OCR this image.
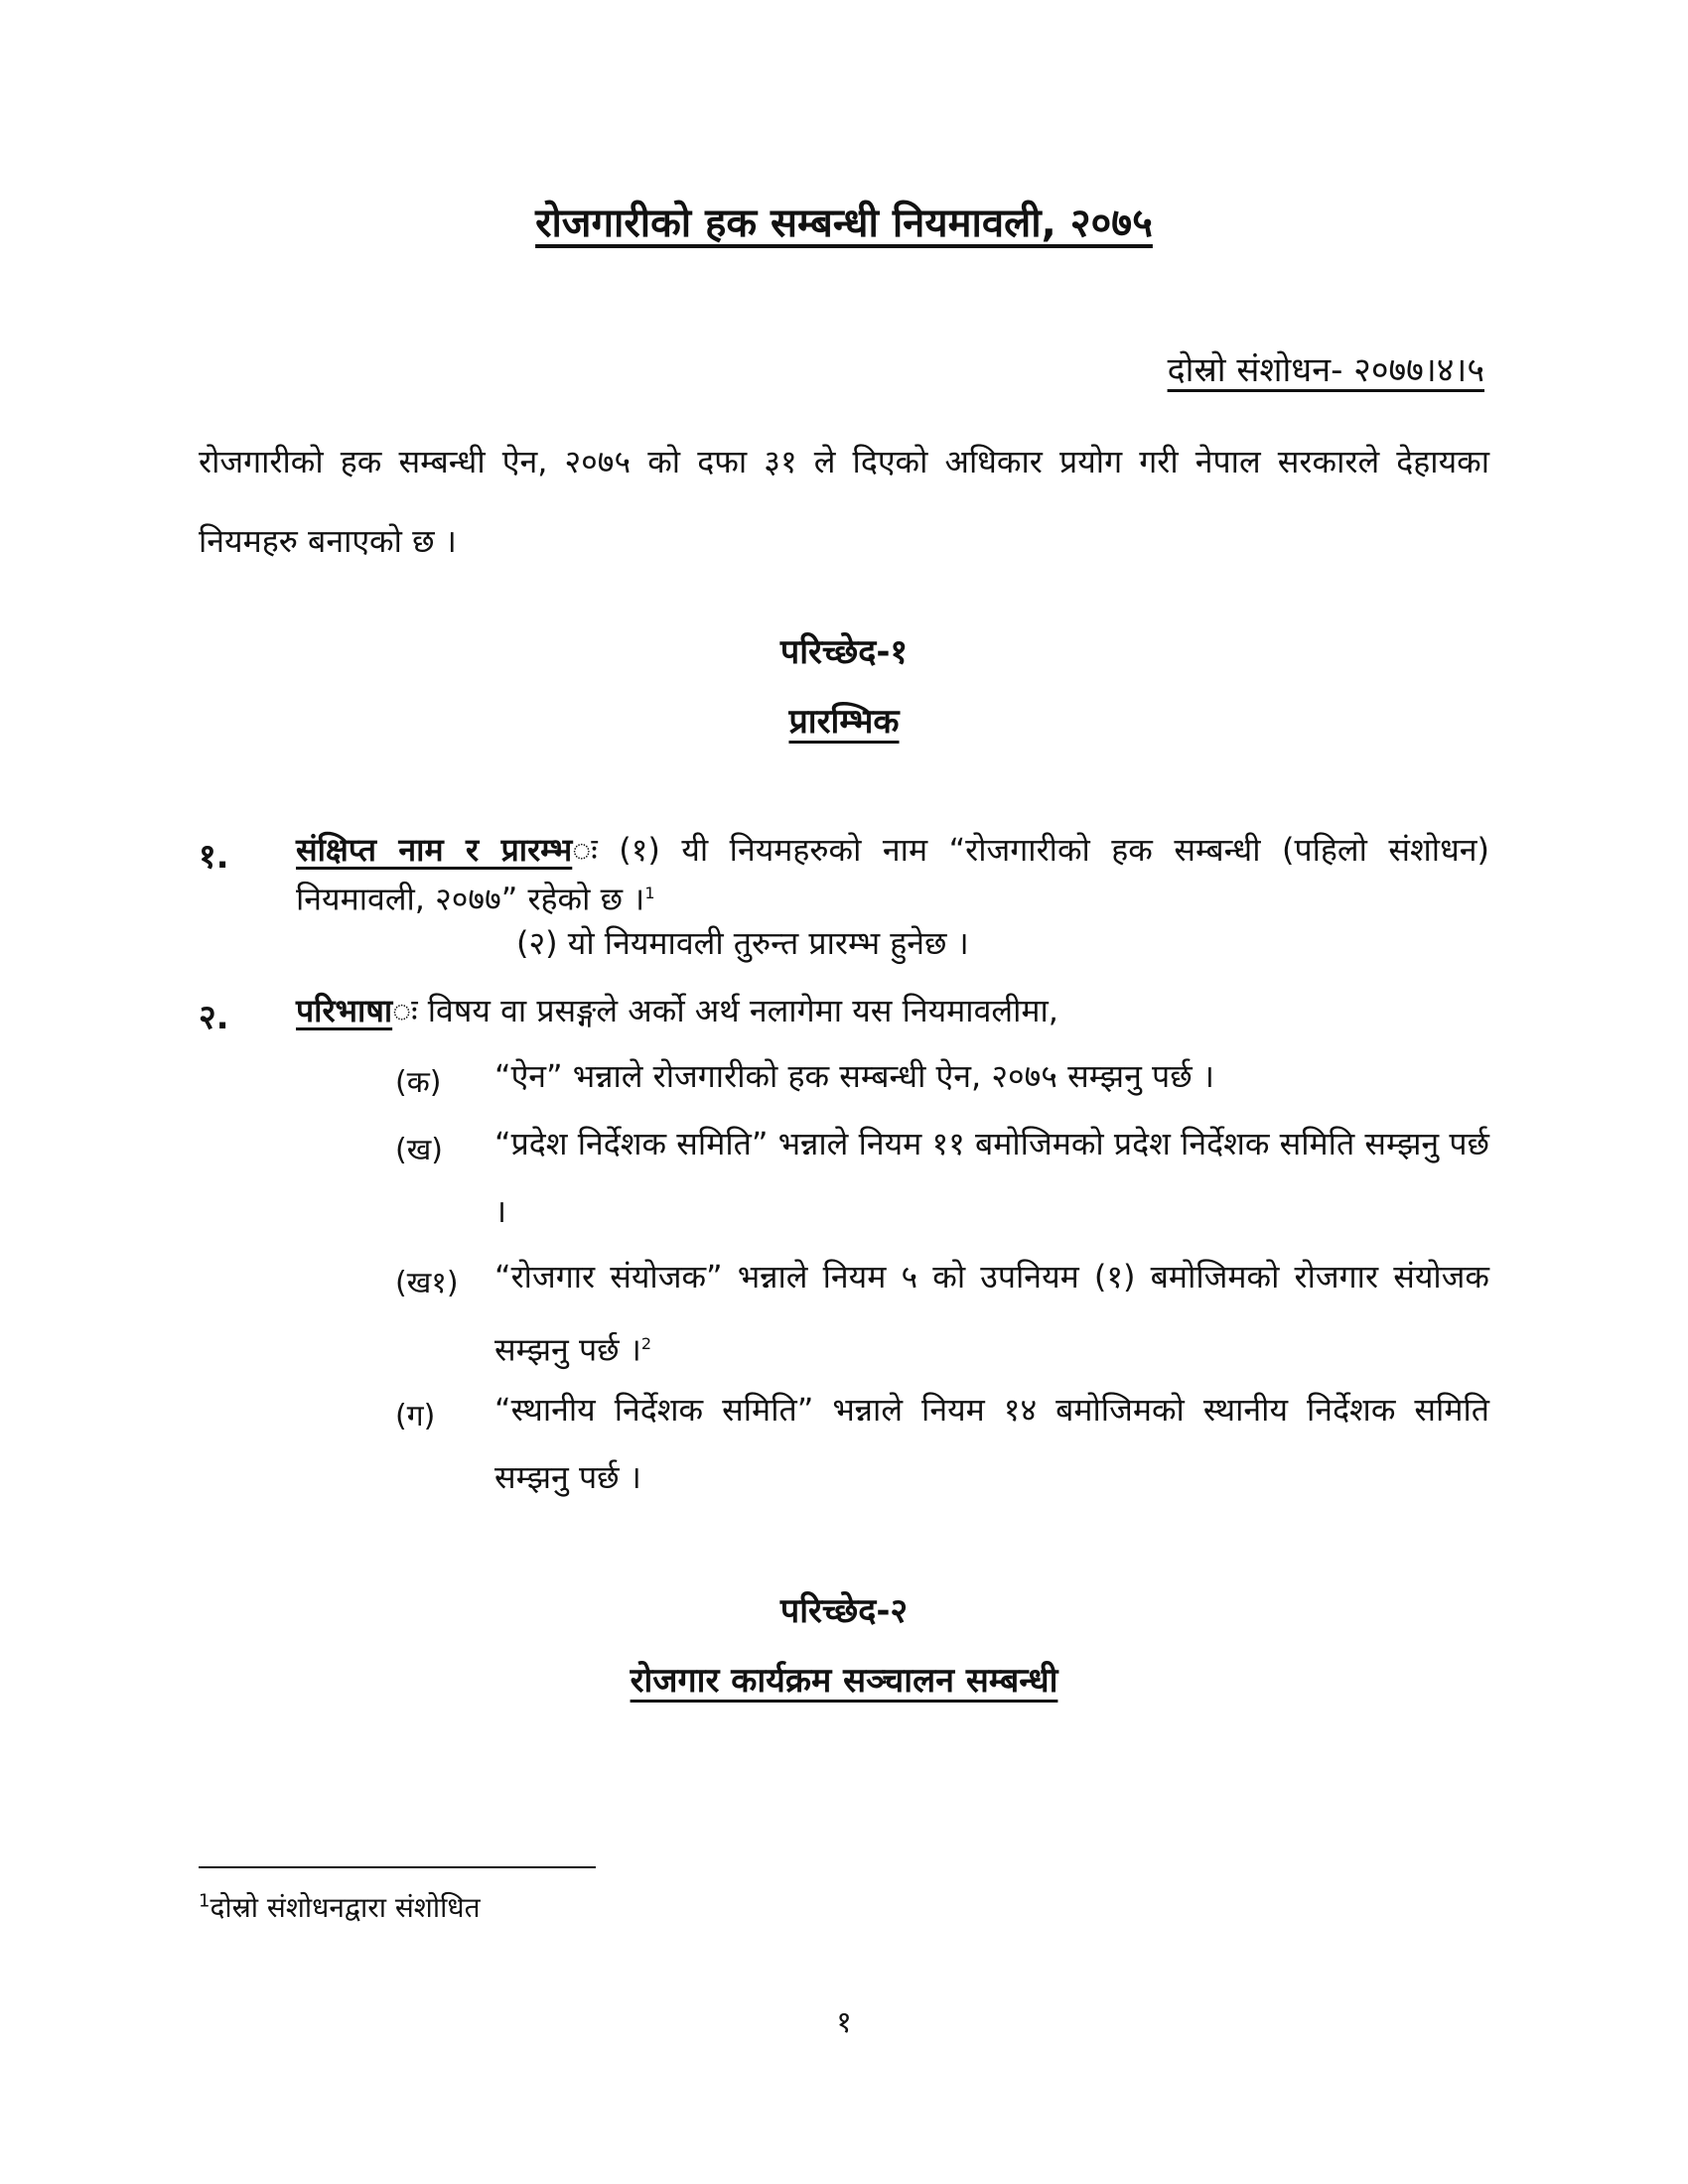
रोजगारीको हक सम्बन्धी नियमावली, २०७५
दोस्रो संशोधन- २०७७।४।५
रोजगारीको हक सम्बन्धी ऐन, २०७५ को दफा ३१ ले दिएको अधिकार प्रयोग गरी नेपाल सरकारले देहायका नियमहरु बनाएको छ ।
परिच्छेद-१
प्रारम्भिक
१. संक्षिप्त नाम र प्रारम्भः (१) यी नियमहरुको नाम “रोजगारीको हक सम्बन्धी (पहिलो संशोधन) नियमावली, २०७७” रहेको छ ।$^1$
(२) यो नियमावली तुरुन्त प्रारम्भ हुनेछ ।
२. परिभाषाः विषय वा प्रसङ्गले अर्को अर्थ नलागेमा यस नियमावलीमा,
(क) “ऐन” भन्नाले रोजगारीको हक सम्बन्धी ऐन, २०७५ सम्झनु पर्छ ।
(ख) “प्रदेश निर्देशक समिति” भन्नाले नियम ११ बमोजिमको प्रदेश निर्देशक समिति सम्झनु पर्छ ।
(ख१) “रोजगार संयोजक” भन्नाले नियम ५ को उपनियम (१) बमोजिमको रोजगार संयोजक सम्झनु पर्छ ।$^2$
(ग) “स्थानीय निर्देशक समिति” भन्नाले नियम १४ बमोजिमको स्थानीय निर्देशक समिति सम्झनु पर्छ ।
परिच्छेद-२
रोजगार कार्यक्रम सञ्चालन सम्बन्धी
$^1$दोस्रो संशोधनद्वारा संशोधित
१
